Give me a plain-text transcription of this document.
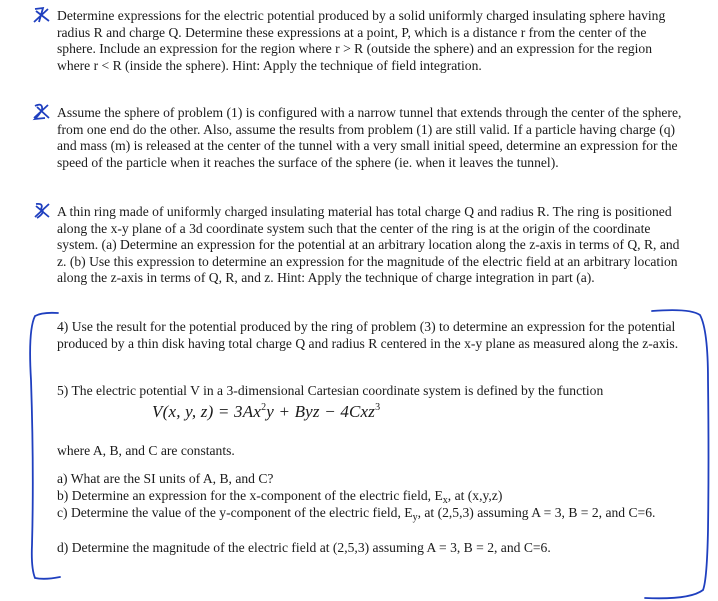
Determine expressions for the electric potential produced by a solid uniformly charged insulating sphere having radius R and charge Q. Determine these expressions at a point, P, which is a distance r from the center of the sphere. Include an expression for the region where r > R (outside the sphere) and an expression for the region where r < R (inside the sphere). Hint: Apply the technique of field integration.

Assume the sphere of problem (1) is configured with a narrow tunnel that extends through the center of the sphere, from one end do the other. Also, assume the results from problem (1) are still valid. If a particle having charge (q) and mass (m) is released at the center of the tunnel with a very small initial speed, determine an expression for the speed of the particle when it reaches the surface of the sphere (ie. when it leaves the tunnel).

A thin ring made of uniformly charged insulating material has total charge Q and radius R. The ring is positioned along the x-y plane of a 3d coordinate system such that the center of the ring is at the origin of the coordinate system. (a) Determine an expression for the potential at an arbitrary location along the z-axis in terms of Q, R, and z. (b) Use this expression to determine an expression for the magnitude of the electric field at an arbitrary location along the z-axis in terms of Q, R, and z. Hint: Apply the technique of charge integration in part (a).

4) Use the result for the potential produced by the ring of problem (3) to determine an expression for the potential produced by a thin disk having total charge Q and radius R centered in the x-y plane as measured along the z-axis.

5) The electric potential V in a 3-dimensional Cartesian coordinate system is defined by the function

V(x, y, $z) = 3Ax^2y$ + Byz − 4Cxz$^3$

where A, B, and C are constants.

a) What are the SI units of A, B, and C?

b) Determine an expression for the x-component of the electric field, $E_x$, at (x,y,z)

c) Determine the value of the y-component of the electric field, $E_y$, at (2,5,3) assuming A = 3, B = 2, and C=6.

d) Determine the magnitude of the electric field at (2,5,3) assuming A = 3, B = 2, and C=6.
